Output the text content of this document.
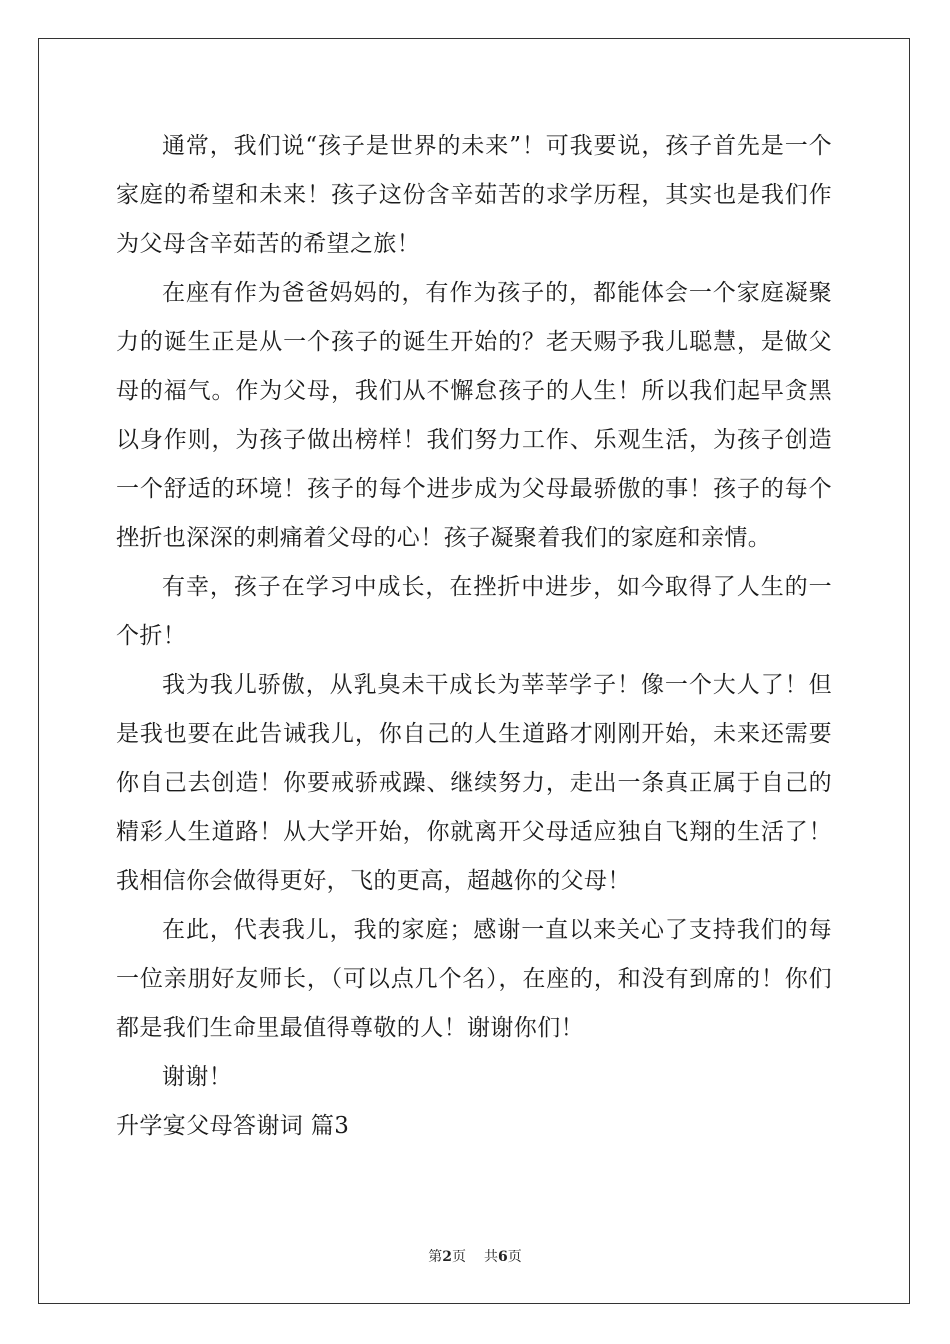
通常，我们说“孩子是世界的未来”！可我要说，孩子首先是一个家庭的希望和未来！孩子这份含辛茹苦的求学历程，其实也是我们作为父母含辛茹苦的希望之旅！

在座有作为爸爸妈妈的，有作为孩子的，都能体会一个家庭凝聚力的诞生正是从一个孩子的诞生开始的？老天赐予我儿聪慧，是做父母的福气。作为父母，我们从不懈怠孩子的人生！所以我们起早贪黑以身作则，为孩子做出榜样！我们努力工作、乐观生活，为孩子创造一个舒适的环境！孩子的每个进步成为父母最骄傲的事！孩子的每个挫折也深深的刺痛着父母的心！孩子凝聚着我们的家庭和亲情。

有幸，孩子在学习中成长，在挫折中进步，如今取得了人生的一个折！

我为我儿骄傲，从乳臭未干成长为莘莘学子！像一个大人了！但是我也要在此告诫我儿，你自己的人生道路才刚刚开始，未来还需要你自己去创造！你要戒骄戒躁、继续努力，走出一条真正属于自己的精彩人生道路！从大学开始，你就离开父母适应独自飞翔的生活了！我相信你会做得更好，飞的更高，超越你的父母！

在此，代表我儿，我的家庭；感谢一直以来关心了支持我们的每一位亲朋好友师长，（可以点几个名），在座的，和没有到席的！你们都是我们生命里最值得尊敬的人！谢谢你们！

谢谢！

升学宴父母答谢词 篇3

第2页 共6页
